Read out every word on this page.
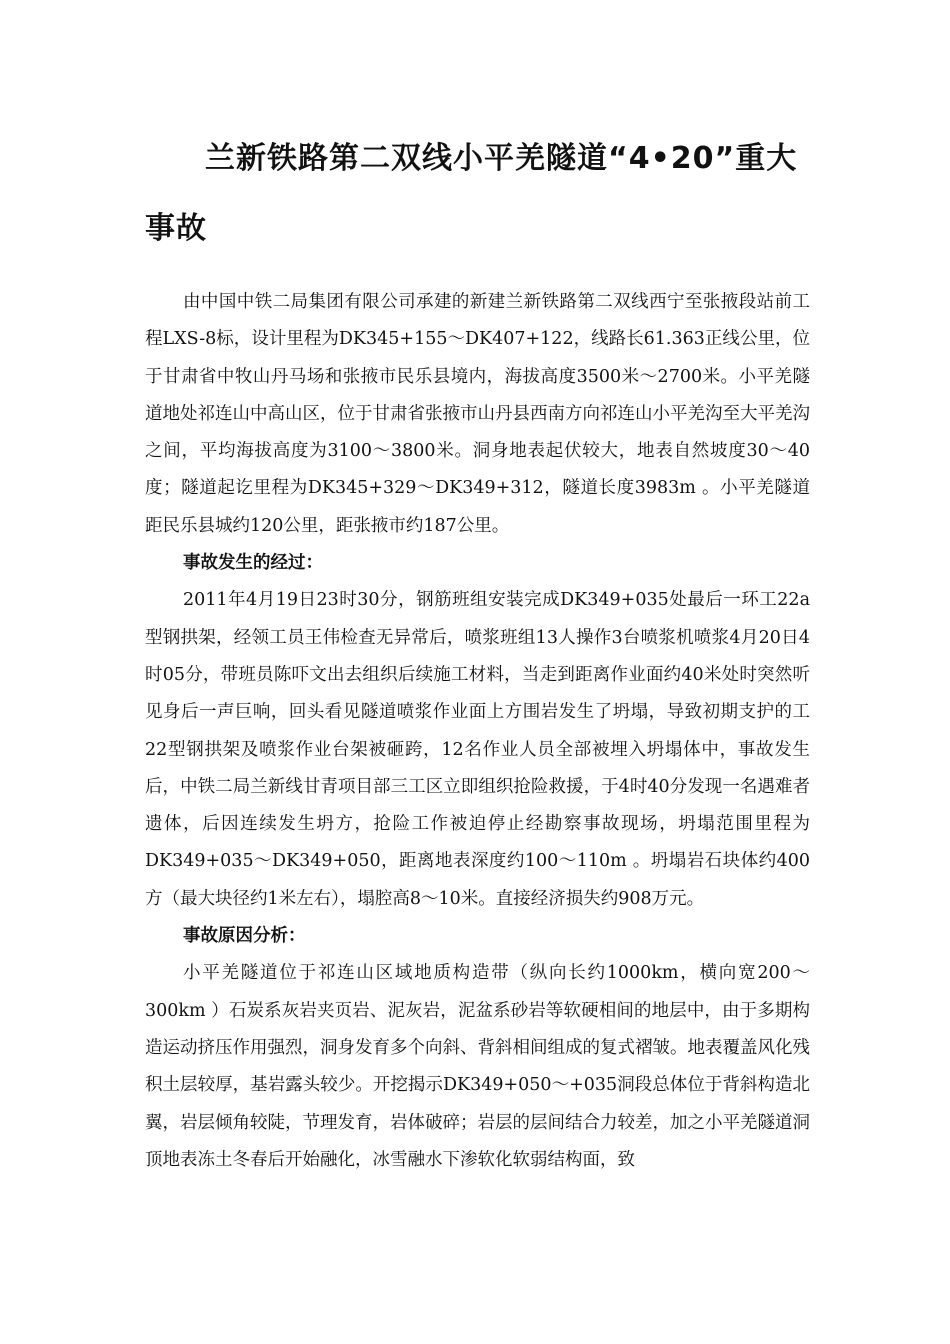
兰新铁路第二双线小平羌隧道“4•20”重大事故

由中国中铁二局集团有限公司承建的新建兰新铁路第二双线西宁至张掖段站前工程LXS-8标，设计里程为DK345+155～DK407+122，线路长61.363正线公里，位于甘肃省中牧山丹马场和张掖市民乐县境内，海拔高度3500米～2700米。小平羌隧道地处祁连山中高山区，位于甘肃省张掖市山丹县西南方向祁连山小平羌沟至大平羌沟之间，平均海拔高度为3100～3800米。洞身地表起伏较大，地表自然坡度30～40度；隧道起讫里程为DK345+329～DK349+312，隧道长度3983m 。小平羌隧道距民乐县城约120公里，距张掖市约187公里。

事故发生的经过：

2011年4月19日23时30分，钢筋班组安装完成DK349+035处最后一环工22a型钢拱架，经领工员王伟检查无异常后，喷浆班组13人操作3台喷浆机喷浆4月20日4时05分，带班员陈吓文出去组织后续施工材料，当走到距离作业面约40米处时突然听见身后一声巨响，回头看见隧道喷浆作业面上方围岩发生了坍塌，导致初期支护的工22型钢拱架及喷浆作业台架被砸跨，12名作业人员全部被埋入坍塌体中，事故发生后，中铁二局兰新线甘青项目部三工区立即组织抢险救援，于4时40分发现一名遇难者遗体，后因连续发生坍方，抢险工作被迫停止经勘察事故现场，坍塌范围里程为DK349+035～DK349+050，距离地表深度约100～110m 。坍塌岩石块体约400方（最大块径约1米左右），塌腔高8～10米。直接经济损失约908万元。

事故原因分析：

小平羌隧道位于祁连山区域地质构造带（纵向长约1000km，横向宽200～300km ）石炭系灰岩夹页岩、泥灰岩，泥盆系砂岩等软硬相间的地层中，由于多期构造运动挤压作用强烈，洞身发育多个向斜、背斜相间组成的复式褶皱。地表覆盖风化残积土层较厚，基岩露头较少。开挖揭示DK349+050～+035洞段总体位于背斜构造北翼，岩层倾角较陡，节理发育，岩体破碎；岩层的层间结合力较差，加之小平羌隧道洞顶地表冻土冬春后开始融化，冰雪融水下渗软化软弱结构面，致
